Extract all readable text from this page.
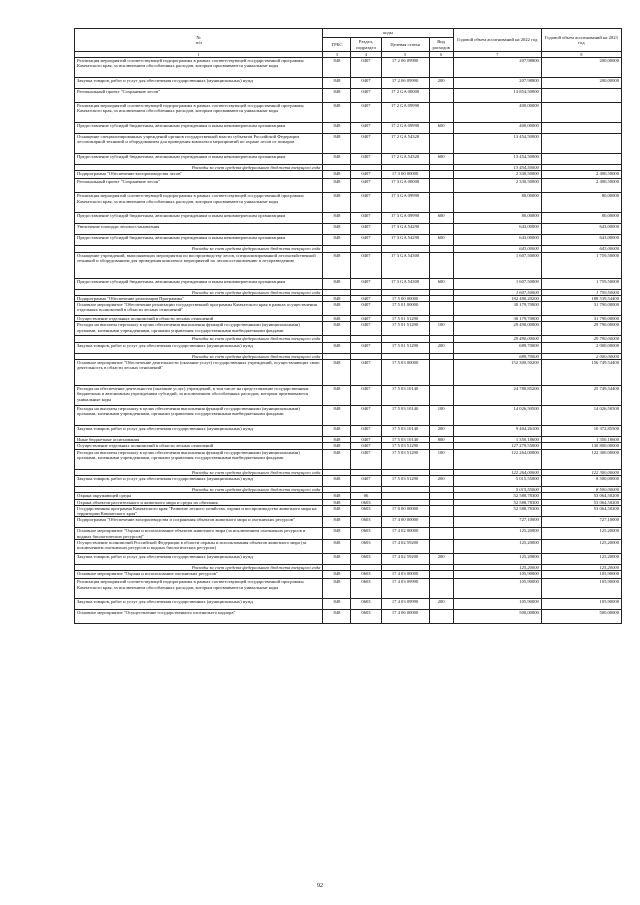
№
п/п	коды				Годовой объем ассигнований на 2022 год	Годовой объем ассигнований на 2023 год
	ГРБС	Раздел, подраздел	Целевая статья	Вид расходов		
1	3	4	5	6	7	8
Реализация мероприятий соответствующей подпрограммы в рамках соответствующей государственной программы Камчатского края, за исключением обособленных расходов, которым присваиваются уникальные коды	848	0407	17 2 06 09990		207,98800	200,00000
Закупка товаров, работ и услуг для обеспечения государственных (муниципальных) нужд	848	0407	17 2 06 09990	200	207,98800	200,00000
Региональный проект "Сохранение лесов"	848	0407	17 2 GA 00000		13 854,50000	
Реализация мероприятий соответствующей подпрограммы в рамках соответствующей государственной программы Камчатского края, за исключением обособленных расходов, которым присваиваются уникальные коды	848	0407	17 2 GA 09990		400,00000	
Предоставление субсидий бюджетным, автономным учреждениям и иным некоммерческим организациям	848	0407	17 2 GA 09990	600	400,00000	
Оснащение специализированных учреждений органов государственной власти субъектов Российской Федерации лесопожарной техникой и оборудованием для проведения комплекса мероприятий по охране лесов от пожаров	848	0407	17 2 GA 54320		13 454,50000	
Предоставление субсидий бюджетным, автономным учреждениям и иным некоммерческим организациям	848	0407	17 2 GA 54320	600	13 454,50000	
Расходы за счет средств федерального бюджета текущего года					13 454,50000	
Подпрограмма "Обеспечение воспроизводства лесов"	848	0407	17 3 00 00000		2 330,50000	2 490,50000
Региональный проект "Сохранение лесов"	848	0407	17 3 GA 00000		2 330,50000	2 490,50000
Реализация мероприятий соответствующей подпрограммы в рамках соответствующей государственной программы Камчатского края, за исключением обособленных расходов, которым присваиваются уникальные коды	848	0407	17 3 GA 09990		80,00000	80,00000
Предоставление субсидий бюджетным, автономным учреждениям и иным некоммерческим организациям	848	0407	17 3 GA 09990	600	80,00000	80,00000
Увеличение площади лесовосстановления	848	0407	17 3 GA 54290		643,00000	643,00000
Предоставление субсидий бюджетным, автономным учреждениям и иным некоммерческим организациям	848	0407	17 3 GA 54290	600	643,00000	643,00000
Расходы за счет средств федерального бюджета текущего года					643,00000	643,00000
Оснащение учреждений, выполняющих мероприятия по воспроизводству лесов, специализированной лесохозяйственной техникой и оборудованием для проведения комплекса мероприятий по лесовосстановлению и лесоразведению	848	0407	17 3 GA 54300		1 607,50000	1 759,50000
Предоставление субсидий бюджетным, автономным учреждениям и иным некоммерческим организациям	848	0407	17 3 GA 54300	600	1 607,50000	1 759,50000
Расходы за счет средств федерального бюджета текущего года					1 607,50000	1 759,50000
Подпрограмма "Обеспечение реализации Программы"	848	0407	17 5 00 00000		182 480,20200	188 539,54400
Основное мероприятие "Обеспечение реализации государственной программы Камчатского края в рамках осуществления отдельных полномочий в области лесных отношений"	848	0407	17 5 01 00000		30 179,70000	31 790,00000
Осуществление отдельных полномочий в области лесных отношений	848	0407	17 5 01 51290		30 179,70000	31 790,00000
Расходы на выплаты персоналу в целях обеспечения выполнения функций государственными (муниципальными) органами, казенными учреждениями, органами управления государственными внебюджетными фондами	848	0407	17 5 01 51290	100	29 490,00000	29 790,00000
Расходы за счет средств федерального бюджета текущего года					29 490,00000	29 790,00000
Закупка товаров, работ и услуг для обеспечения государственных (муниципальных) нужд	848	0407	17 5 01 51290	200	689,70000	2 000,00000
Расходы за счет средств федерального бюджета текущего года					689,70000	2 000,00000
Основное мероприятие "Обеспечение деятельности (оказание услуг) государственных учреждений, осуществляющих свою деятельность в области лесных отношений"	848	0407	17 5 03 00000		152 300,50200	156 749,54400
Расходы на обеспечение деятельности (оказание услуг) учреждений, в том числе на предоставление государственным бюджетным и автономным учреждениям субсидий, за исключением обособленных расходов, которым присваиваются уникальные коды	848	0407	17 5 03 10140		24 780,85200	25 749,54400
Расходы на выплаты персоналу в целях обеспечения выполнения функций государственными (муниципальными) органами, казенными учреждениями, органами управления государственными внебюджетными фондами	848	0407	17 5 03 10140	100	14 026,50500	14 026,50500
Закупка товаров, работ и услуг для обеспечения государственных (муниципальных) нужд	848	0407	17 5 03 10140	200	9 404,26100	10 372,85500
Иные бюджетные ассигнования	848	0407	17 5 03 10140	800	1 350,18600	1 350,18600
Осуществление отдельных полномочий в области лесных отношений	848	0407	17 5 03 51290		127 279,55000	130 800,00000
Расходы на выплаты персоналу в целях обеспечения выполнения функций государственными (муниципальными) органами, казенными учреждениями, органами управления государственными внебюджетными фондами	848	0407	17 5 03 51290	100	122 264,00000	122 300,00000
Расходы за счет средств федерального бюджета текущего года					122 264,00000	122 300,00000
Закупка товаров, работ и услуг для обеспечения государственных (муниципальных) нужд	848	0407	17 5 03 51290	200	5 015,55000	8 500,00000
Расходы за счет средств федерального бюджета текущего года					5 015,55000	8 500,00000
Охрана окружающей среды	848	06			52 588,78300	53 064,50200
Охрана объектов растительного и животного мира и среды их обитания	848	0603			52 588,78300	53 064,50200
Государственная программа Камчатского края "Развитие лесного хозяйства, охрана и воспроизводство животного мира на территории Камчатского края"	848	0603	17 0 00 00000		52 588,78300	53 064,50200
Подпрограмма "Обеспечение воспроизводства и сохранения объектов животного мира и охотничьих ресурсов"	848	0603	17 4 00 00000		727,10000	727,10000
Основное мероприятие "Охрана и использование объектов животного мира (за исключением охотничьих ресурсов и водных биологических ресурсов)"	848	0603	17 4 02 00000		125,20000	125,20000
Осуществление полномочий Российской Федерации в области охраны и использования объектов животного мира (за исключением охотничьих ресурсов и водных биологических ресурсов)	848	0603	17 4 02 59200		125,20000	125,20000
Закупка товаров, работ и услуг для обеспечения государственных (муниципальных) нужд	848	0603	17 4 02 59200	200	125,20000	125,20000
Расходы за счет средств федерального бюджета текущего года					125,20000	125,20000
Основное мероприятие "Охрана и использование охотничьих ресурсов"	848	0603	17 4 03 00000		105,90000	105,90000
Реализация мероприятий соответствующей подпрограммы в рамках соответствующей государственной программы Камчатского края, за исключением обособленных расходов, которым присваиваются уникальные коды	848	0603	17 4 03 09990		105,90000	105,90000
Закупка товаров, работ и услуг для обеспечения государственных (муниципальных) нужд	848	0603	17 4 03 09990	200	105,90000	105,90000
Основное мероприятие "Осуществление государственного охотничьего надзора"	848	0603	17 4 06 00000		500,00000	500,00000
92
